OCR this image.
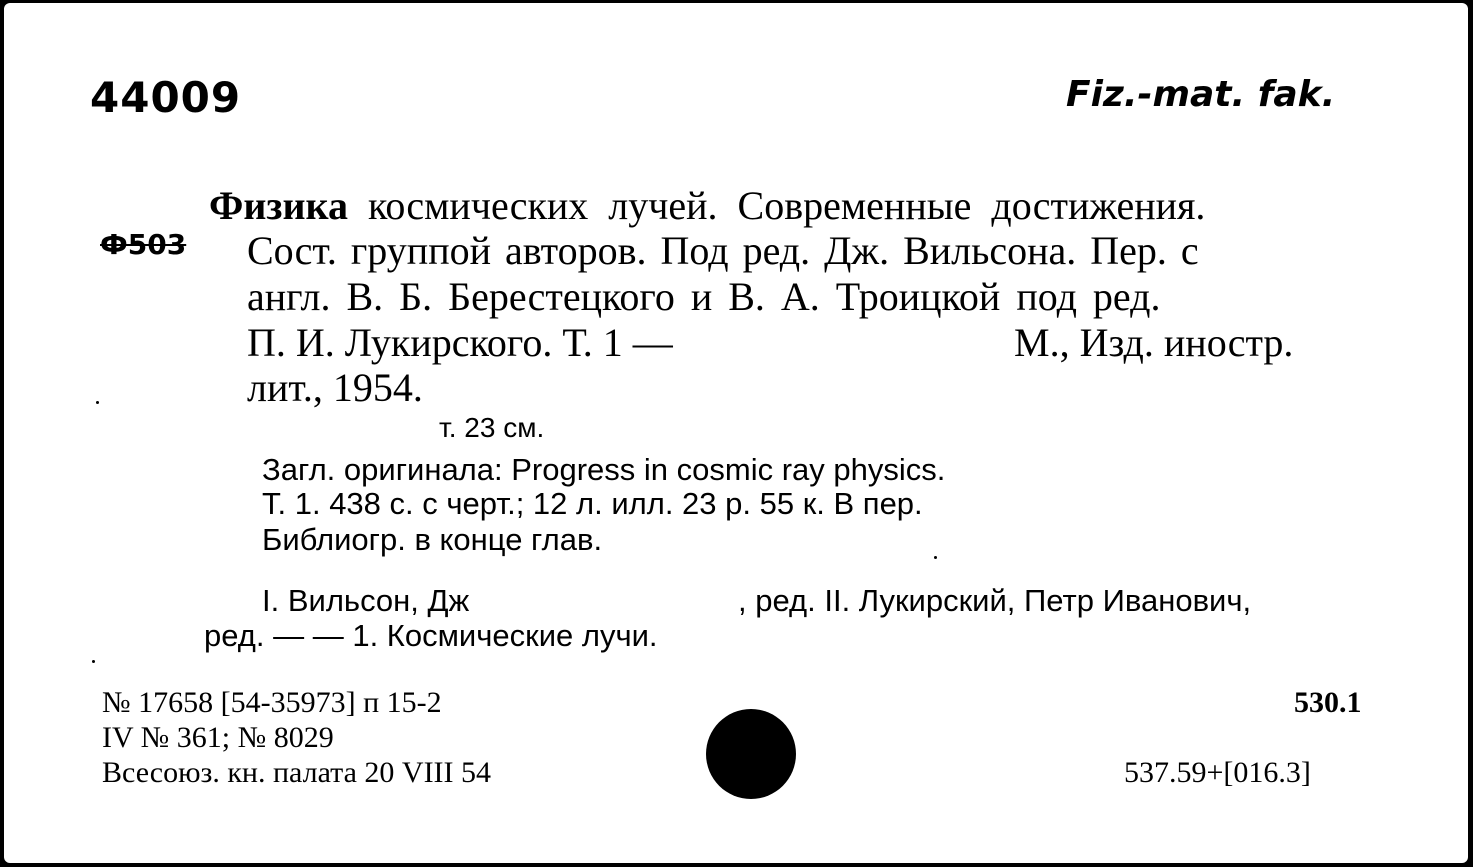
44009	Fiz.-mat. fak.
Ф503
Физика космических лучей. Современные достижения.
Сост. группой авторов. Под ред. Дж. Вильсона. Пер. с
англ. В. Б. Берестецкого и В. А. Троицкой под ред.
П. И. Лукирского. Т. 1 —	М., Изд. иностр.
лит., 1954.
т. 23 см.
Загл. оригинала: Progress in cosmic ray physics.
Т. 1. 438 с. с черт.; 12 л. илл. 23 р. 55 к. В пер.
Библиогр. в конце глав.
I. Вильсон, Дж	, ред. II. Лукирский, Петр Иванович,
ред. — — 1. Космические лучи.
№ 17658 [54-35973] п 15-2
IV № 361; № 8029
Всесоюз. кн. палата 20 VIII 54
530.1
537.59+[016.3]
